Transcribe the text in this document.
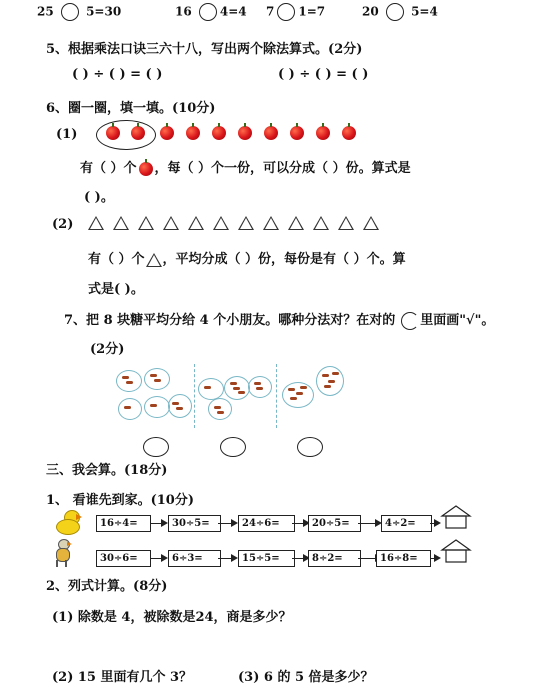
25	5=30	16 4=4 7 1=7	20	5=4
5、根据乘法口诀三六十八，写出两个除法算式。(2分)
( ) ÷ ( ) = ( )	( ) ÷ ( ) = ( )
6、圈一圈，填一填。(10分)
(1)
有（ ）个 ，每（ ）个一份，可以分成（ ）份。算式是
( )。
(2)
有（ ）个 ，平均分成（ ）份，每份是有（ ）个。算
式是( )。
7、把 8 块糖平均分给 4 个小朋友。哪种分法对？在对的 里面画"√"。
(2分)
三、我会算。(18分)
1、 看谁先到家。(10分)
16÷4=	30÷5=	24÷6=	20÷5=	4÷2=
30÷6=	6÷3=	15÷5=	8÷2=	16÷8=
2、列式计算。(8分)
(1) 除数是 4，被除数是24，商是多少？
(2) 15 里面有几个 3？	(3) 6 的 5 倍是多少？
